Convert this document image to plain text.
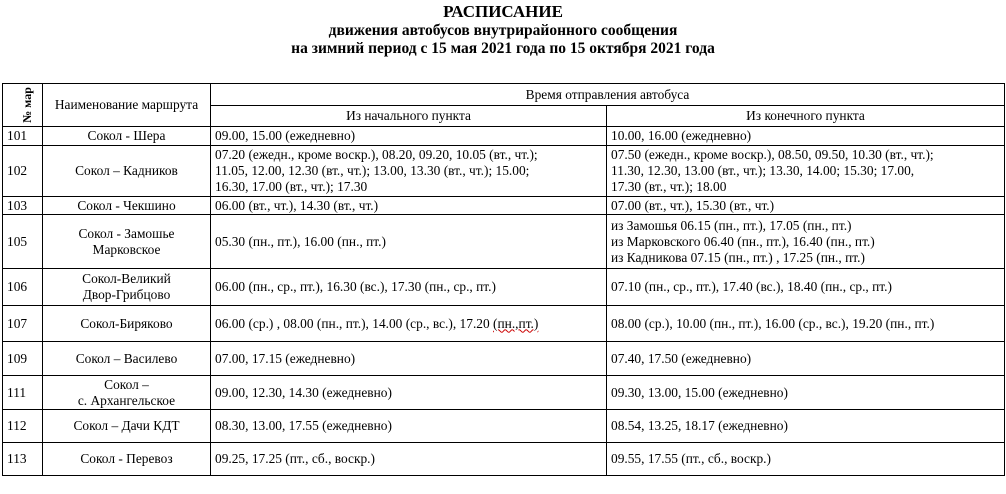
РАСПИСАНИЕ
движения автобусов внутрирайонного сообщения
на зимний период с 15 мая 2021 года по 15 октября 2021 года
№ мар	Наименование маршрута	Время отправления автобуса	
		Из начального пункта	Из конечного пункта
101	Сокол - Шера	09.00, 15.00 (ежедневно)	10.00, 16.00 (ежедневно)

102	Сокол – Кадников	07.20 (ежедн., кроме воскр.), 08.20, 09.20, 10.05 (вт., чт.);
11.05, 12.00, 12.30 (вт., чт.); 13.00, 13.30 (вт., чт.); 15.00;
16.30, 17.00 (вт., чт.); 17.30	07.50 (ежедн., кроме воскр.), 08.50, 09.50, 10.30 (вт., чт.);
11.30, 12.30, 13.00 (вт., чт.); 13.30, 14.00; 15.30; 17.00,
17.30 (вт., чт.); 18.00

103	Сокол - Чекшино	06.00 (вт., чт.), 14.30 (вт., чт.)	07.00 (вт., чт.), 15.30 (вт., чт.)

105	Сокол - Замошье
Марковское	05.30 (пн., пт.), 16.00 (пн., пт.)	из Замошья 06.15 (пн., пт.), 17.05 (пн., пт.)
из Марковского 06.40 (пн., пт.), 16.40 (пн., пт.)
из Кадникова 07.15 (пн., пт.) , 17.25 (пн., пт.)

106	Сокол-Великий
Двор-Грибцово	06.00 (пн., ср., пт.), 16.30 (вс.), 17.30 (пн., ср., пт.)	07.10 (пн., ср., пт.), 17.40 (вс.), 18.40 (пн., ср., пт.)

107	Сокол-Биряково	06.00 (ср.) , 08.00 (пн., пт.), 14.00 (ср., вс.), 17.20 (пн.,пт.)	08.00 (ср.), 10.00 (пн., пт.), 16.00 (ср., вс.), 19.20 (пн., пт.)

109	Сокол – Василево	07.00, 17.15 (ежедневно)	07.40, 17.50 (ежедневно)

111	Сокол –
с. Архангельское	09.00, 12.30, 14.30 (ежедневно)	09.30, 13.00, 15.00 (ежедневно)

112	Сокол – Дачи КДТ	08.30, 13.00, 17.55 (ежедневно)	08.54, 13.25, 18.17 (ежедневно)

113	Сокол - Перевоз	09.25, 17.25 (пт., сб., воскр.)	09.55, 17.55 (пт., сб., воскр.)
